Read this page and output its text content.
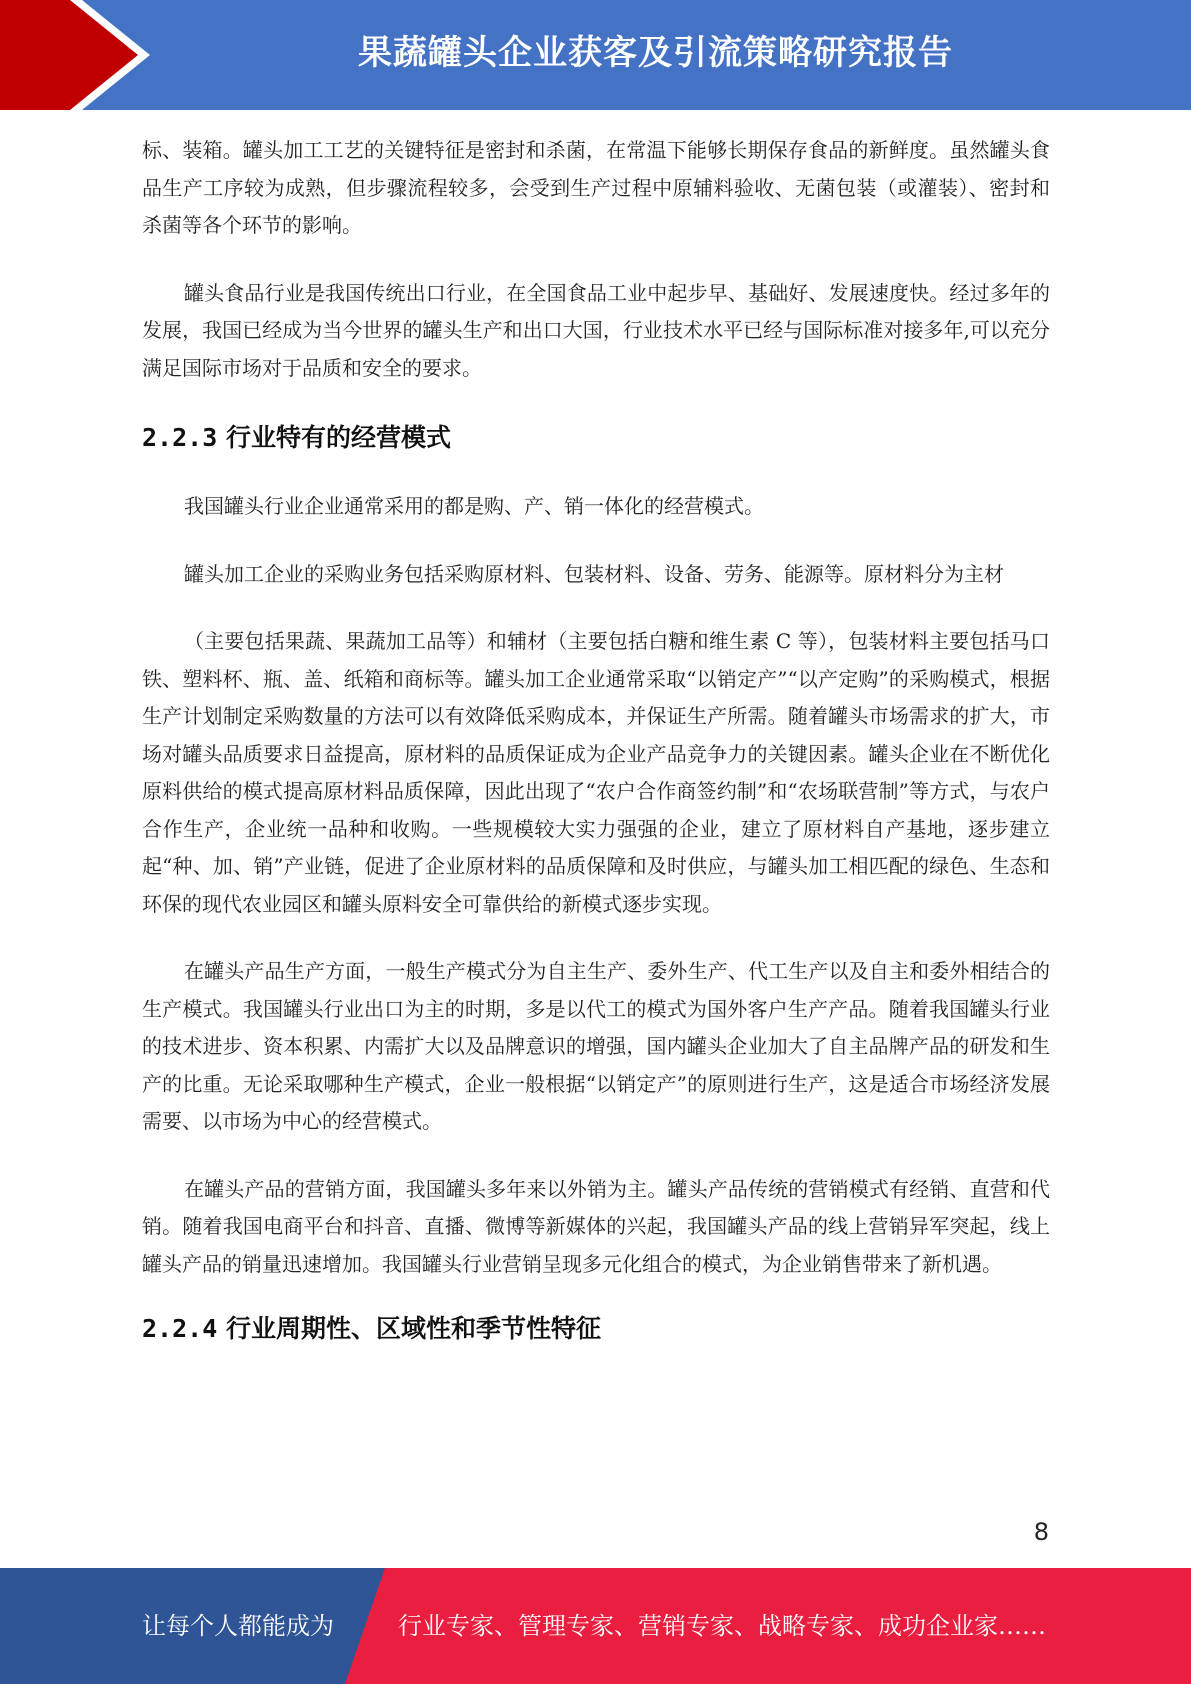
果蔬罐头企业获客及引流策略研究报告

标、装箱。罐头加工工艺的关键特征是密封和杀菌，在常温下能够长期保存食品的新鲜度。虽然罐头食品生产工序较为成熟，但步骤流程较多，会受到生产过程中原辅料验收、无菌包装（或灌装）、密封和杀菌等各个环节的影响。

罐头食品行业是我国传统出口行业，在全国食品工业中起步早、基础好、发展速度快。经过多年的发展，我国已经成为当今世界的罐头生产和出口大国，行业技术水平已经与国际标准对接多年,可以充分满足国际市场对于品质和安全的要求。

2.2.3 行业特有的经营模式

我国罐头行业企业通常采用的都是购、产、销一体化的经营模式。

罐头加工企业的采购业务包括采购原材料、包装材料、设备、劳务、能源等。原材料分为主材

（主要包括果蔬、果蔬加工品等）和辅材（主要包括白糖和维生素 C 等），包装材料主要包括马口铁、塑料杯、瓶、盖、纸箱和商标等。罐头加工企业通常采取“以销定产”“以产定购”的采购模式，根据生产计划制定采购数量的方法可以有效降低采购成本，并保证生产所需。随着罐头市场需求的扩大，市场对罐头品质要求日益提高，原材料的品质保证成为企业产品竞争力的关键因素。罐头企业在不断优化原料供给的模式提高原材料品质保障，因此出现了“农户合作商签约制”和“农场联营制”等方式，与农户合作生产，企业统一品种和收购。一些规模较大实力强强的企业，建立了原材料自产基地，逐步建立起“种、加、销”产业链，促进了企业原材料的品质保障和及时供应，与罐头加工相匹配的绿色、生态和环保的现代农业园区和罐头原料安全可靠供给的新模式逐步实现。

在罐头产品生产方面，一般生产模式分为自主生产、委外生产、代工生产以及自主和委外相结合的生产模式。我国罐头行业出口为主的时期，多是以代工的模式为国外客户生产产品。随着我国罐头行业的技术进步、资本积累、内需扩大以及品牌意识的增强，国内罐头企业加大了自主品牌产品的研发和生产的比重。无论采取哪种生产模式，企业一般根据“以销定产”的原则进行生产，这是适合市场经济发展需要、以市场为中心的经营模式。

在罐头产品的营销方面，我国罐头多年来以外销为主。罐头产品传统的营销模式有经销、直营和代销。随着我国电商平台和抖音、直播、微博等新媒体的兴起，我国罐头产品的线上营销异军突起，线上罐头产品的销量迅速增加。我国罐头行业营销呈现多元化组合的模式，为企业销售带来了新机遇。

2.2.4 行业周期性、区域性和季节性特征
8
让每个人都能成为	行业专家、管理专家、营销专家、战略专家、成功企业家……
